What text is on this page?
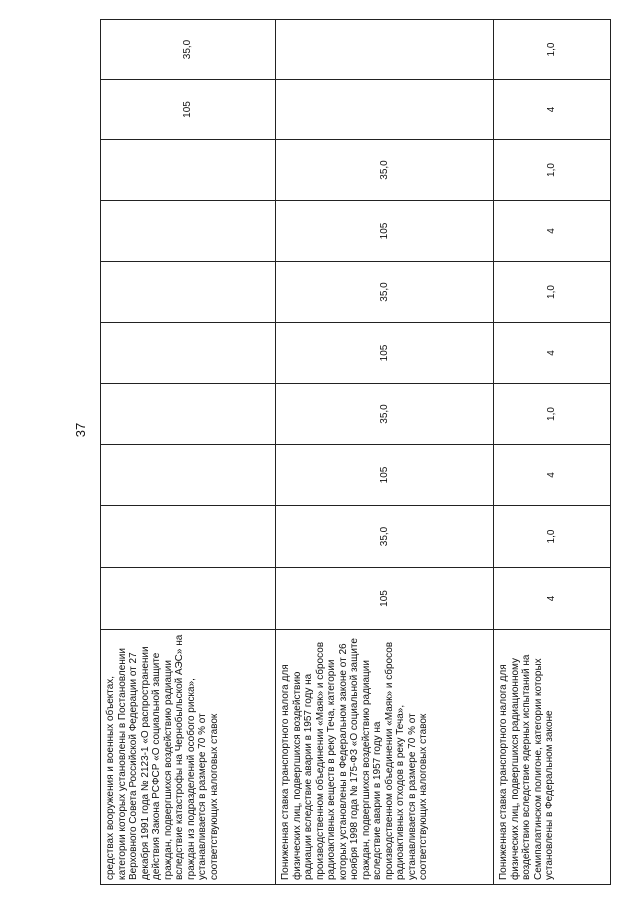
37
средствах вооружения и военных объектах, категории которых установлены в Постановлении Верховного Совета Российской Федерации от 27 декабря 1991 года № 2123-1 «О распространении действия Закона РСФСР «О социальной защите граждан, подвергшихся воздействию радиации вследствие катастрофы на Чернобыльской АЭС» на граждан из подразделений особого риска», устанавливается в размере 70 % от соответствующих налоговых ставок									105	35,0
Пониженная ставка транспортного налога для физических лиц, подвергшихся воздействию радиации вследствие аварии в 1957 году на производственном объединении «Маяк» и сбросов радиоактивных веществ в реку Теча, категории которых установлены в Федеральном законе от 26 ноября 1998 года № 175-ФЗ «О социальной защите граждан, подвергшихся воздействию радиации вследствие аварии в 1957 году на производственном объединении «Маяк» и сбросов радиоактивных отходов в реку Теча», устанавливается в размере 70 % от соответствующих налоговых ставок	105	35,0	105	35,0	105	35,0	105	35,0		
Пониженная ставка транспортного налога для физических лиц, подвергшихся радиационному воздействию вследствие ядерных испытаний на Семипалатинском полигоне, категории которых установлены в Федеральном законе	4	1,0	4	1,0	4	1,0	4	1,0	4	1,0
